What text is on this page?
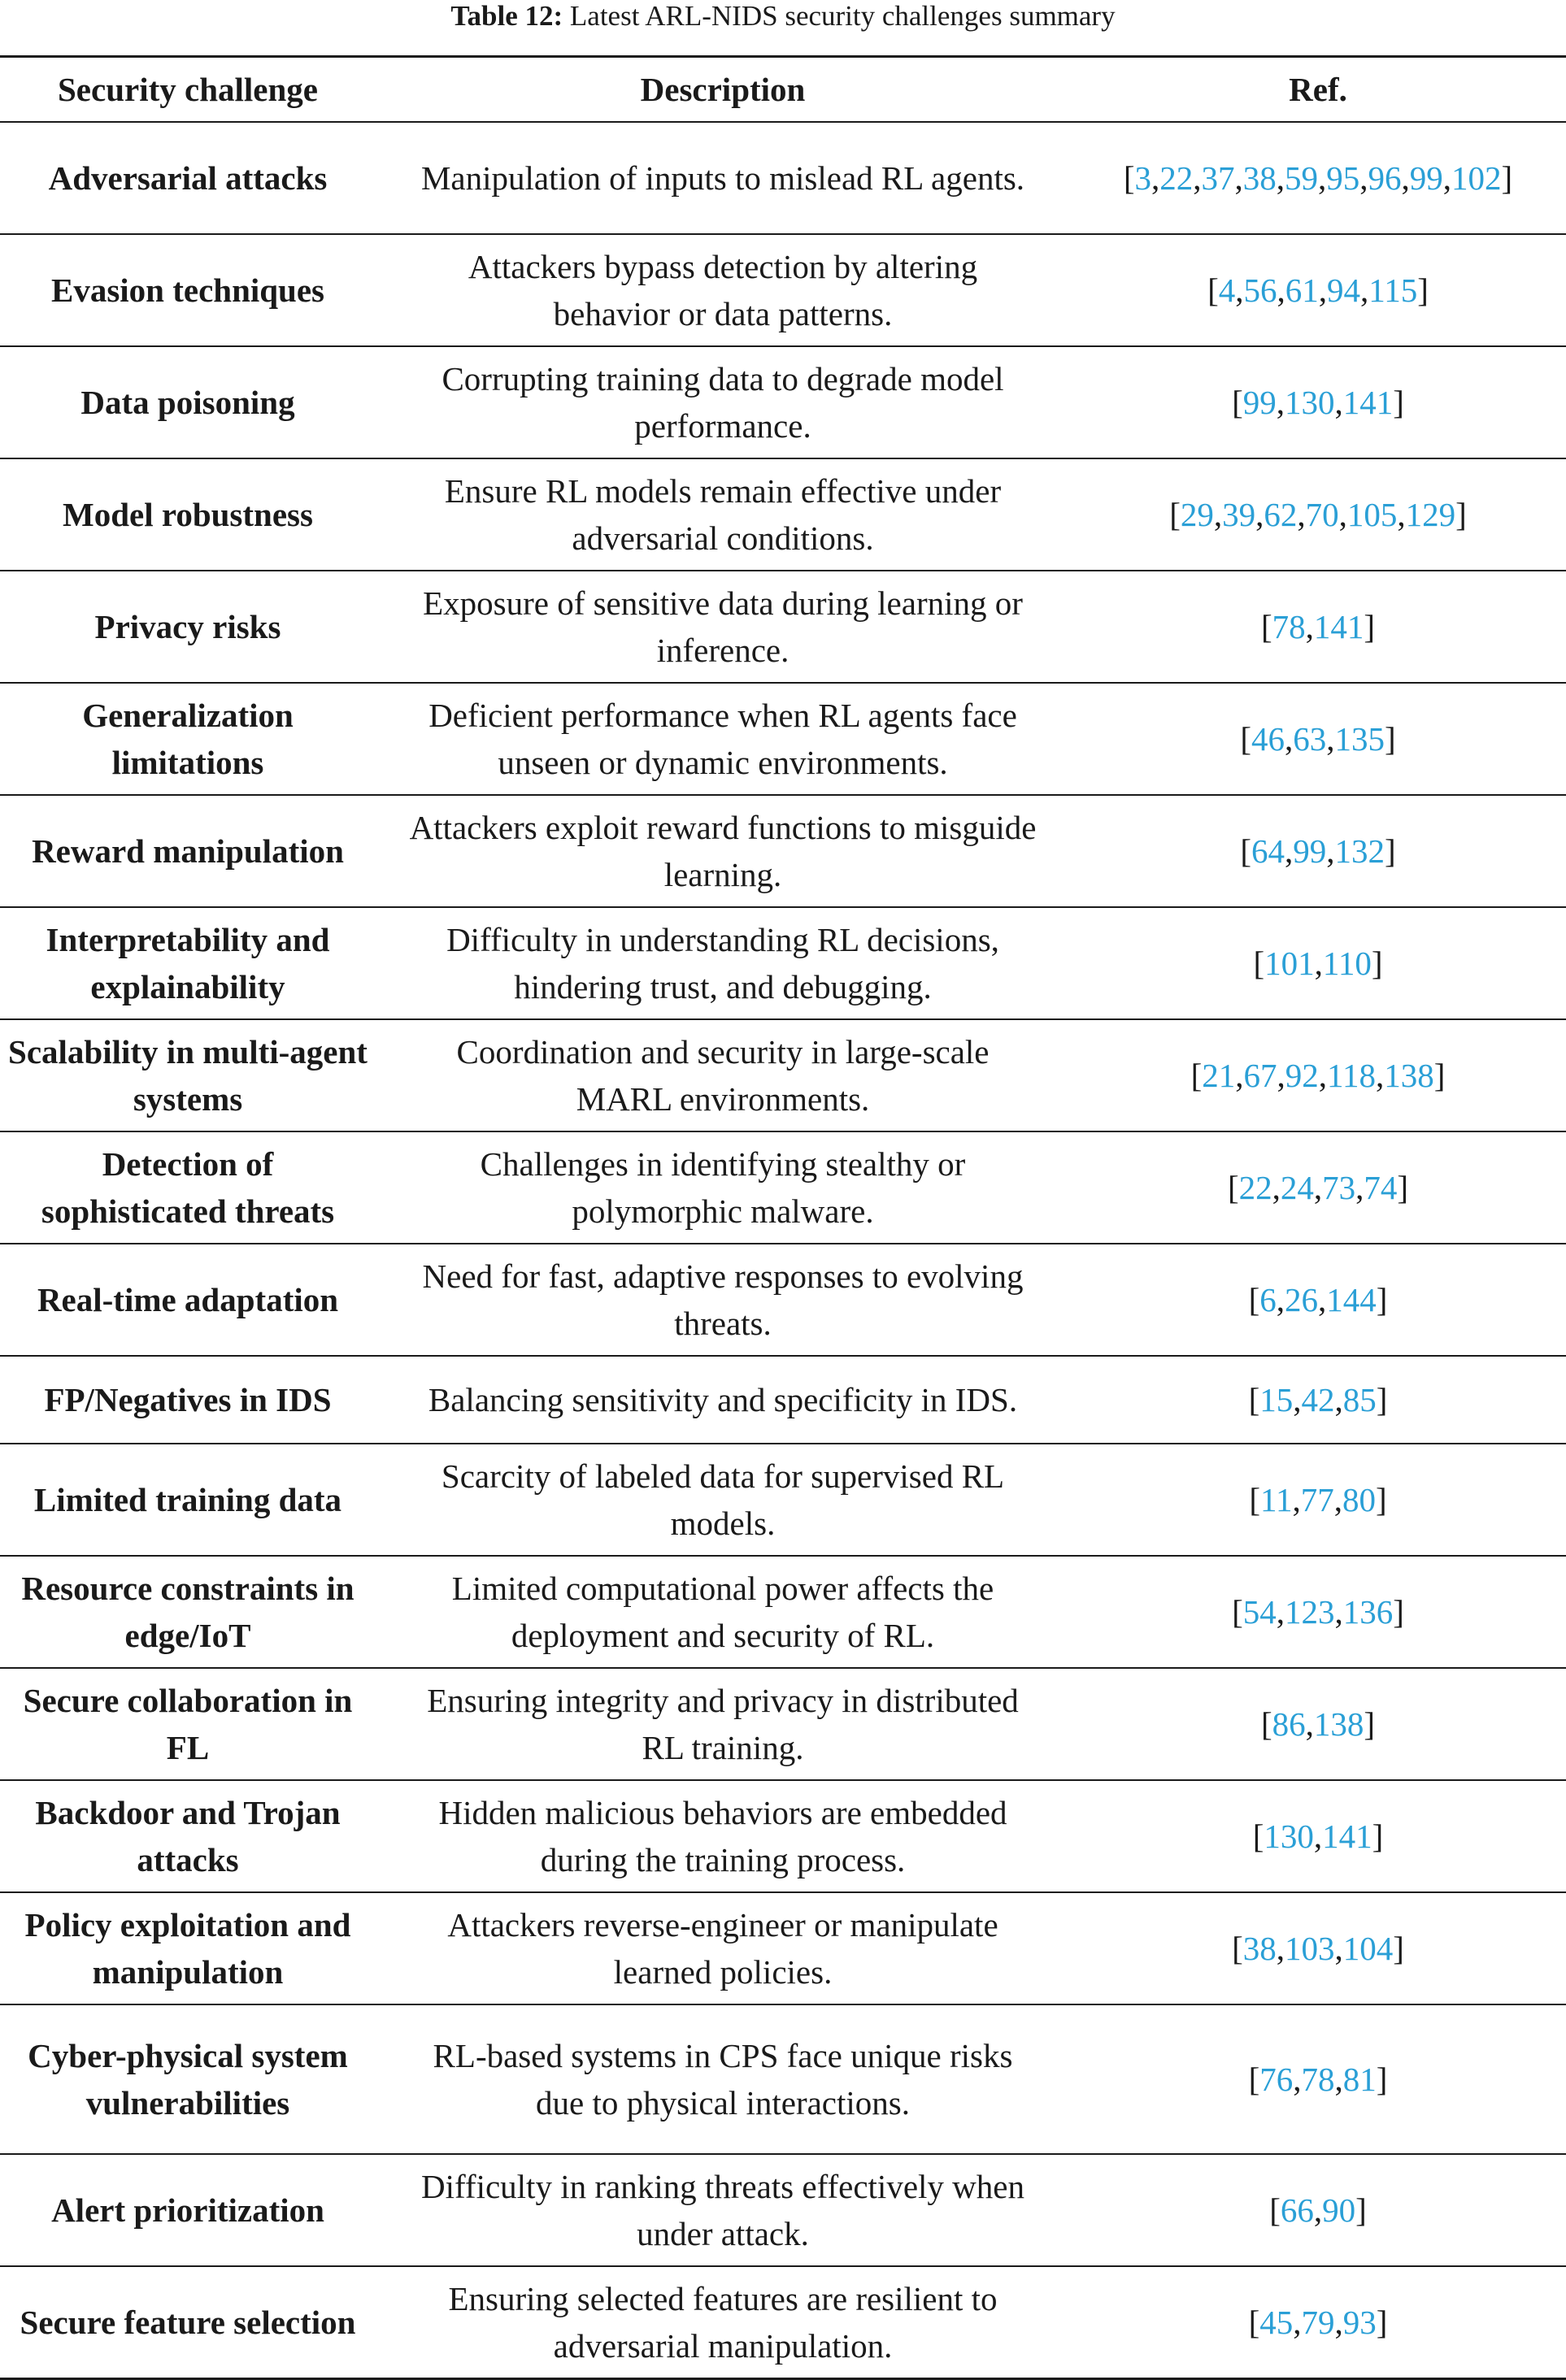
Table 12: Latest ARL-NIDS security challenges summary
Security challenge	Description	Ref.
Adversarial attacks	Manipulation of inputs to mislead RL agents.	[3,22,37,38,59,95,96,99,102]
Evasion techniques	Attackers bypass detection by altering behavior or data patterns.	[4,56,61,94,115]
Data poisoning	Corrupting training data to degrade model performance.	[99,130,141]
Model robustness	Ensure RL models remain effective under adversarial conditions.	[29,39,62,70,105,129]
Privacy risks	Exposure of sensitive data during learning or inference.	[78,141]
Generalization limitations	Deficient performance when RL agents face unseen or dynamic environments.	[46,63,135]
Reward manipulation	Attackers exploit reward functions to misguide learning.	[64,99,132]
Interpretability and explainability	Difficulty in understanding RL decisions, hindering trust, and debugging.	[101,110]
Scalability in multi-agent systems	Coordination and security in large-scale MARL environments.	[21,67,92,118,138]
Detection of sophisticated threats	Challenges in identifying stealthy or polymorphic malware.	[22,24,73,74]
Real-time adaptation	Need for fast, adaptive responses to evolving threats.	[6,26,144]
FP/Negatives in IDS	Balancing sensitivity and specificity in IDS.	[15,42,85]
Limited training data	Scarcity of labeled data for supervised RL models.	[11,77,80]
Resource constraints in edge/IoT	Limited computational power affects the deployment and security of RL.	[54,123,136]
Secure collaboration in FL	Ensuring integrity and privacy in distributed RL training.	[86,138]
Backdoor and Trojan attacks	Hidden malicious behaviors are embedded during the training process.	[130,141]
Policy exploitation and manipulation	Attackers reverse-engineer or manipulate learned policies.	[38,103,104]
Cyber-physical system vulnerabilities	RL-based systems in CPS face unique risks due to physical interactions.	[76,78,81]
Alert prioritization	Difficulty in ranking threats effectively when under attack.	[66,90]
Secure feature selection	Ensuring selected features are resilient to adversarial manipulation.	[45,79,93]
